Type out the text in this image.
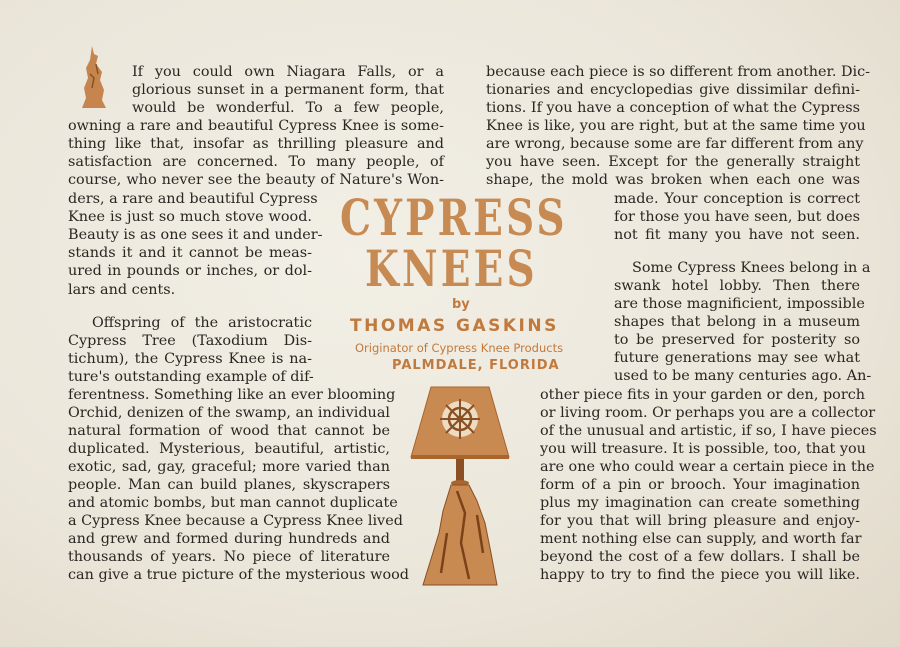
If you could own Niagara Falls, or a
glorious sunset in a permanent form, that
would be wonderful. To a few people,
owning a rare and beautiful Cypress Knee is some-
thing like that, insofar as thrilling pleasure and
satisfaction are concerned. To many people, of
course, who never see the beauty of Nature's Won-
ders, a rare and beautiful Cypress
Knee is just so much stove wood.
Beauty is as one sees it and under-
stands it and it cannot be meas-
ured in pounds or inches, or dol-
lars and cents.
Offspring of the aristocratic
Cypress Tree (Taxodium Dis-
tichum), the Cypress Knee is na-
ture's outstanding example of dif-
ferentness. Something like an ever blooming
Orchid, denizen of the swamp, an individual
natural formation of wood that cannot be
duplicated. Mysterious, beautiful, artistic,
exotic, sad, gay, graceful; more varied than
people. Man can build planes, skyscrapers
and atomic bombs, but man cannot duplicate
a Cypress Knee because a Cypress Knee lived
and grew and formed during hundreds and
thousands of years. No piece of literature
can give a true picture of the mysterious wood
because each piece is so different from another. Dic-
tionaries and encyclopedias give dissimilar defini-
tions. If you have a conception of what the Cypress
Knee is like, you are right, but at the same time you
are wrong, because some are far different from any
you have seen. Except for the generally straight
shape, the mold was broken when each one was
made. Your conception is correct
for those you have seen, but does
not fit many you have not seen.
Some Cypress Knees belong in a
swank hotel lobby. Then there
are those magnificient, impossible
shapes that belong in a museum
to be preserved for posterity so
future generations may see what
used to be many centuries ago. An-
other piece fits in your garden or den, porch
or living room. Or perhaps you are a collector
of the unusual and artistic, if so, I have pieces
you will treasure. It is possible, too, that you
are one who could wear a certain piece in the
form of a pin or brooch. Your imagination
plus my imagination can create something
for you that will bring pleasure and enjoy-
ment nothing else can supply, and worth far
beyond the cost of a few dollars. I shall be
happy to try to find the piece you will like.
CYPRESS
KNEES
by
THOMAS GASKINS
Originator of Cypress Knee Products
PALMDALE, FLORIDA
